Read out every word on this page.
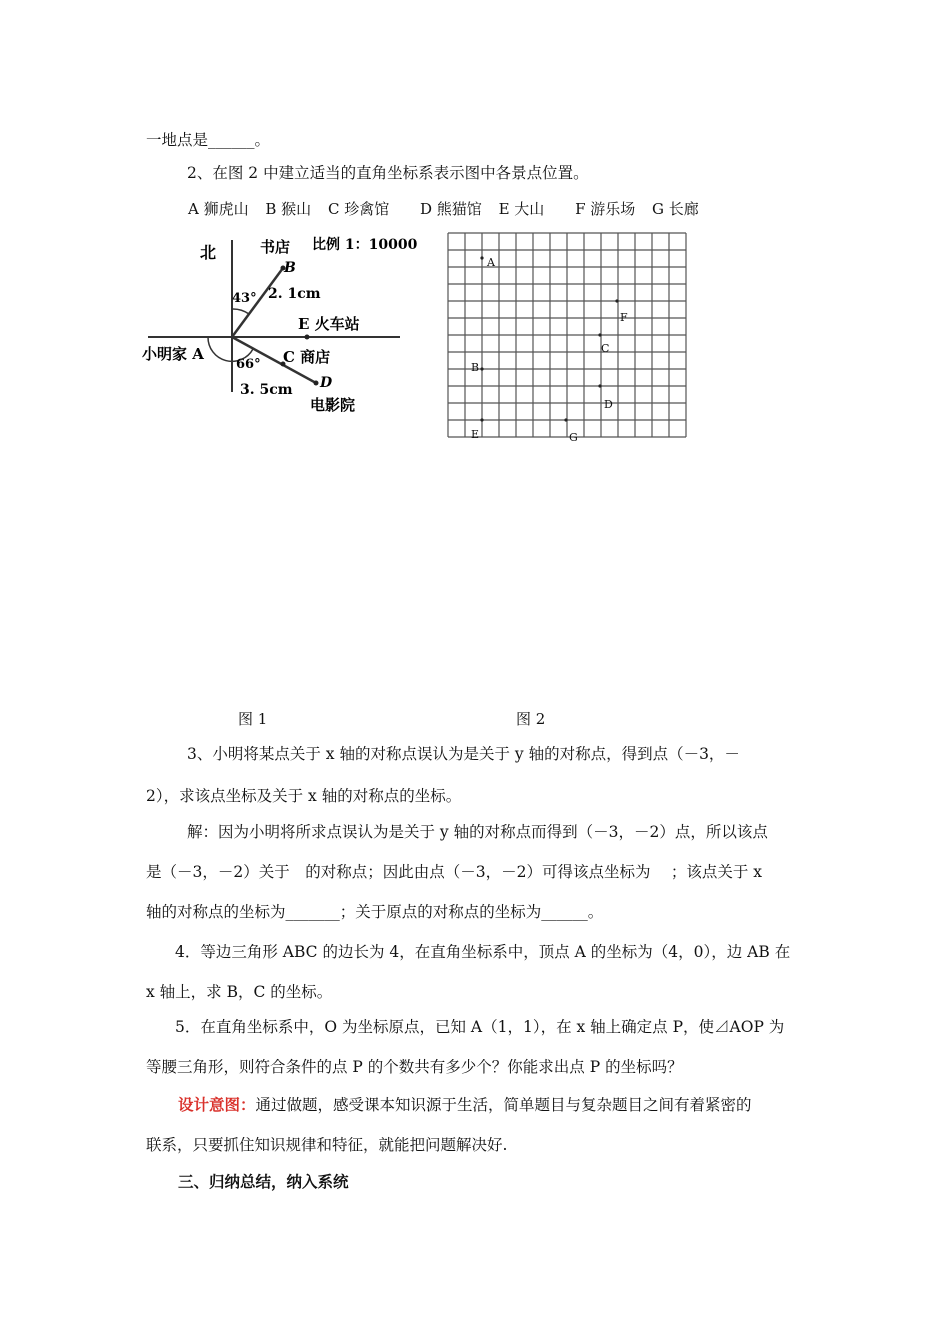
一地点是______。
2、在图 2 中建立适当的直角坐标系表示图中各景点位置。
A 狮虎山 B 猴山 C 珍禽馆 D 熊猫馆 E 大山 F 游乐场 G 长廊
北	书店
B
比例 1：10000
43° 2. 1cm
E 火车站
小明家 A
66° C 商店
3. 5cm D
电影院
A
F
C
B
D
E	G
图 1	图 2
3、小明将某点关于 x 轴的对称点误认为是关于 y 轴的对称点，得到点（－3，－
2），求该点坐标及关于 x 轴的对称点的坐标。
解：因为小明将所求点误认为是关于 y 轴的对称点而得到（－3，－2）点，所以该点
是（－3，－2）关于　的对称点；因此由点（－3，－2）可得该点坐标为　 ；该点关于 x
轴的对称点的坐标为_______；关于原点的对称点的坐标为______。
4．等边三角形 ABC 的边长为 4，在直角坐标系中，顶点 A 的坐标为（4，0），边 AB 在
x 轴上，求 B，C 的坐标。
5．在直角坐标系中，O 为坐标原点，已知 A（1，1），在 x 轴上确定点 P，使⊿AOP 为
等腰三角形，则符合条件的点 P 的个数共有多少个？你能求出点 P 的坐标吗？
设计意图：通过做题，感受课本知识源于生活，简单题目与复杂题目之间有着紧密的
联系，只要抓住知识规律和特征，就能把问题解决好.
三、归纳总结，纳入系统
